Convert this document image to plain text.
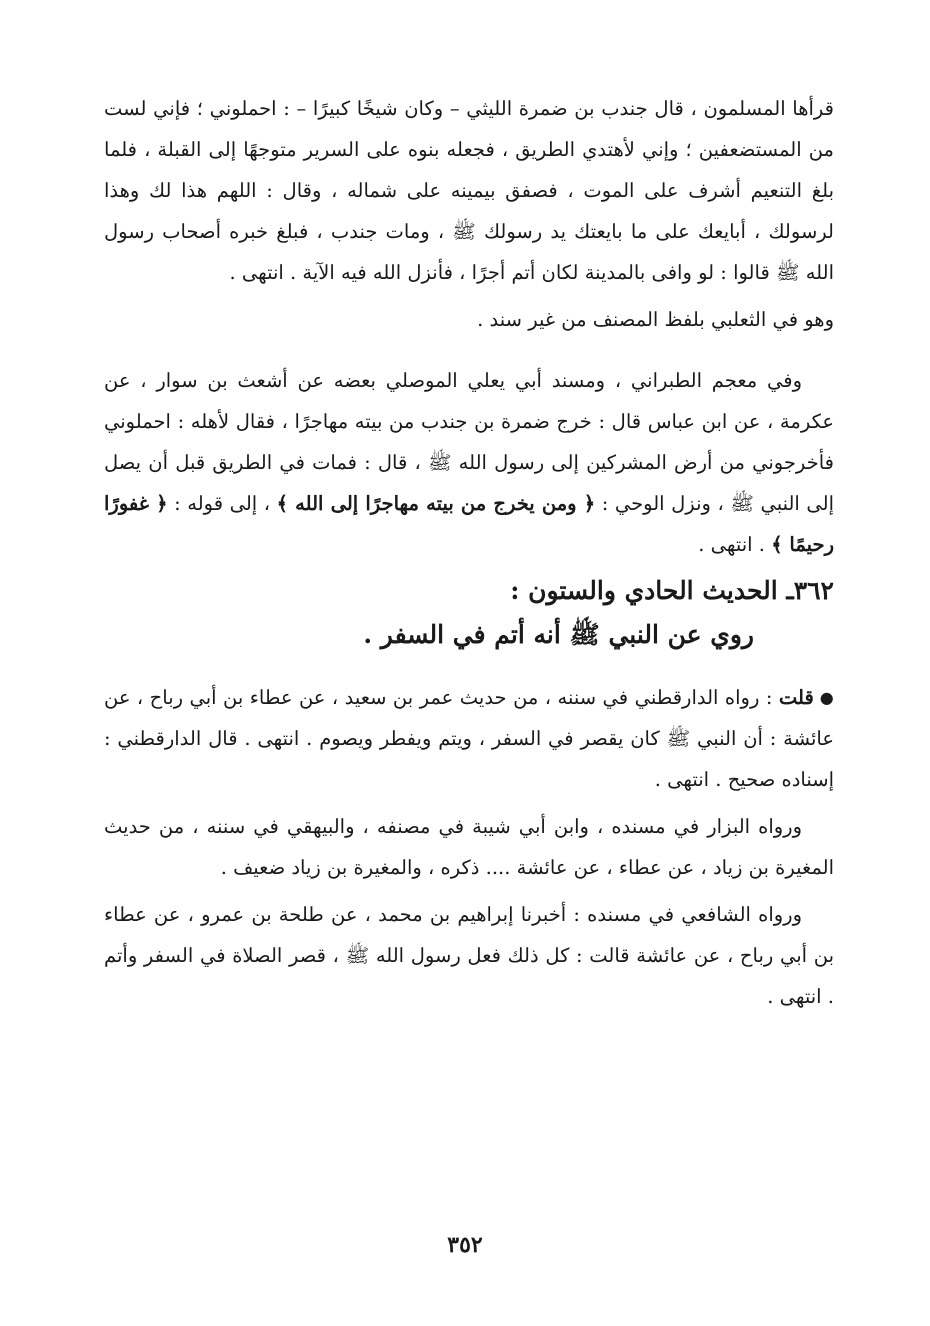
قرأها المسلمون ، قال جندب بن ضمرة الليثي – وكان شيخًا كبيرًا – : احملوني ؛ فإني لست من المستضعفين ؛ وإني لأهتدي الطريق ، فجعله بنوه على السرير متوجهًا إلى القبلة ، فلما بلغ التنعيم أشرف على الموت ، فصفق بيمينه على شماله ، وقال : اللهم هذا لك وهذا لرسولك ، أبايعك على ما بايعتك يد رسولك ﷺ ، ومات جندب ، فبلغ خبره أصحاب رسول الله ﷺ قالوا : لو وافى بالمدينة لكان أتم أجرًا ، فأنزل الله فيه الآية . انتهى .

وهو في الثعلبي بلفظ المصنف من غير سند .

وفي معجم الطبراني ، ومسند أبي يعلي الموصلي بعضه عن أشعث بن سوار ، عن عكرمة ، عن ابن عباس قال : خرج ضمرة بن جندب من بيته مهاجرًا ، فقال لأهله : احملوني فأخرجوني من أرض المشركين إلى رسول الله ﷺ ، قال : فمات في الطريق قبل أن يصل إلى النبي ﷺ ، ونزل الوحي : ﴿ ومن يخرج من بيته مهاجرًا إلى الله ﴾ ، إلى قوله : ﴿ غفورًا رحيمًا ﴾ . انتهى .

٣٦٢ـ الحديث الحادي والستون :
روي عن النبي ﷺ أنه أتم في السفر .

●قلت : رواه الدارقطني في سننه ، من حديث عمر بن سعيد ، عن عطاء بن أبي رباح ، عن عائشة : أن النبي ﷺ كان يقصر في السفر ، ويتم ويفطر ويصوم . انتهى . قال الدارقطني : إسناده صحيح . انتهى .

ورواه البزار في مسنده ، وابن أبي شيبة في مصنفه ، والبيهقي في سننه ، من حديث المغيرة بن زياد ، عن عطاء ، عن عائشة .... ذكره ، والمغيرة بن زياد ضعيف .

ورواه الشافعي في مسنده : أخبرنا إبراهيم بن محمد ، عن طلحة بن عمرو ، عن عطاء بن أبي رباح ، عن عائشة قالت : كل ذلك فعل رسول الله ﷺ ، قصر الصلاة في السفر وأتم . انتهى .

٣٥٢
